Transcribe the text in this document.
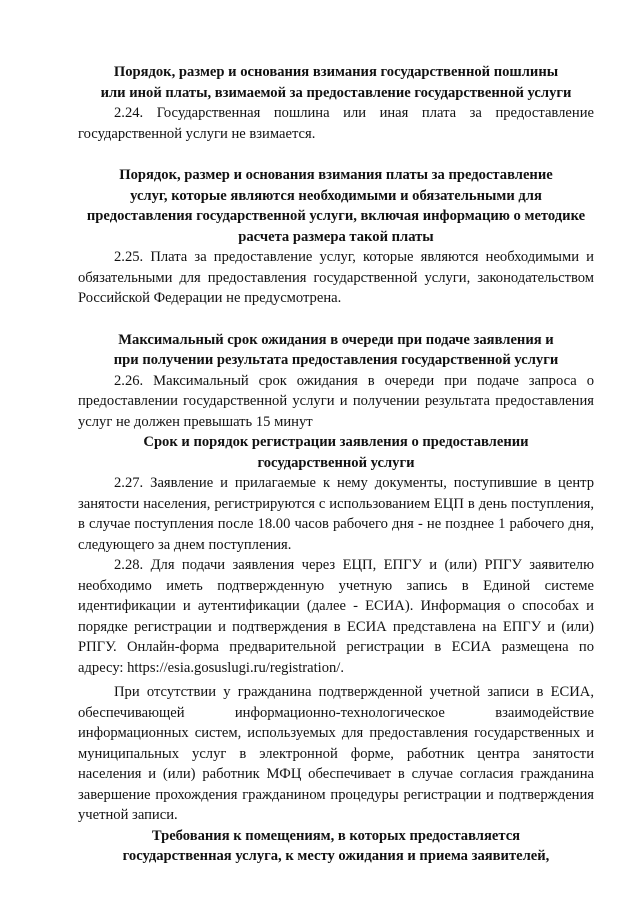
Порядок, размер и основания взимания государственной пошлины
или иной платы, взимаемой за предоставление государственной услуги

2.24. Государственная пошлина или иная плата за предоставление государственной услуги не взимается.

Порядок, размер и основания взимания платы за предоставление
услуг, которые являются необходимыми и обязательными для
предоставления государственной услуги, включая информацию о методике
расчета размера такой платы

2.25. Плата за предоставление услуг, которые являются необходимыми и обязательными для предоставления государственной услуги, законодательством Российской Федерации не предусмотрена.

Максимальный срок ожидания в очереди при подаче заявления и
при получении результата предоставления государственной услуги

2.26. Максимальный срок ожидания в очереди при подаче запроса о предоставлении государственной услуги и получении результата предоставления услуг не должен превышать 15 минут

Срок и порядок регистрации заявления о предоставлении
государственной услуги

2.27. Заявление и прилагаемые к нему документы, поступившие в центр занятости населения, регистрируются с использованием ЕЦП в день поступления, в случае поступления после 18.00 часов рабочего дня - не позднее 1 рабочего дня, следующего за днем поступления.

2.28. Для подачи заявления через ЕЦП, ЕПГУ и (или) РПГУ заявителю необходимо иметь подтвержденную учетную запись в Единой системе идентификации и аутентификации (далее - ЕСИА). Информация о способах и порядке регистрации и подтверждения в ЕСИА представлена на ЕПГУ и (или) РПГУ. Онлайн-форма предварительной регистрации в ЕСИА размещена по адресу: https://esia.gosuslugi.ru/registration/.

При отсутствии у гражданина подтвержденной учетной записи в ЕСИА, обеспечивающей информационно-технологическое взаимодействие информационных систем, используемых для предоставления государственных и муниципальных услуг в электронной форме, работник центра занятости населения и (или) работник МФЦ обеспечивает в случае согласия гражданина завершение прохождения гражданином процедуры регистрации и подтверждения учетной записи.

Требования к помещениям, в которых предоставляется
государственная услуга, к месту ожидания и приема заявителей,
